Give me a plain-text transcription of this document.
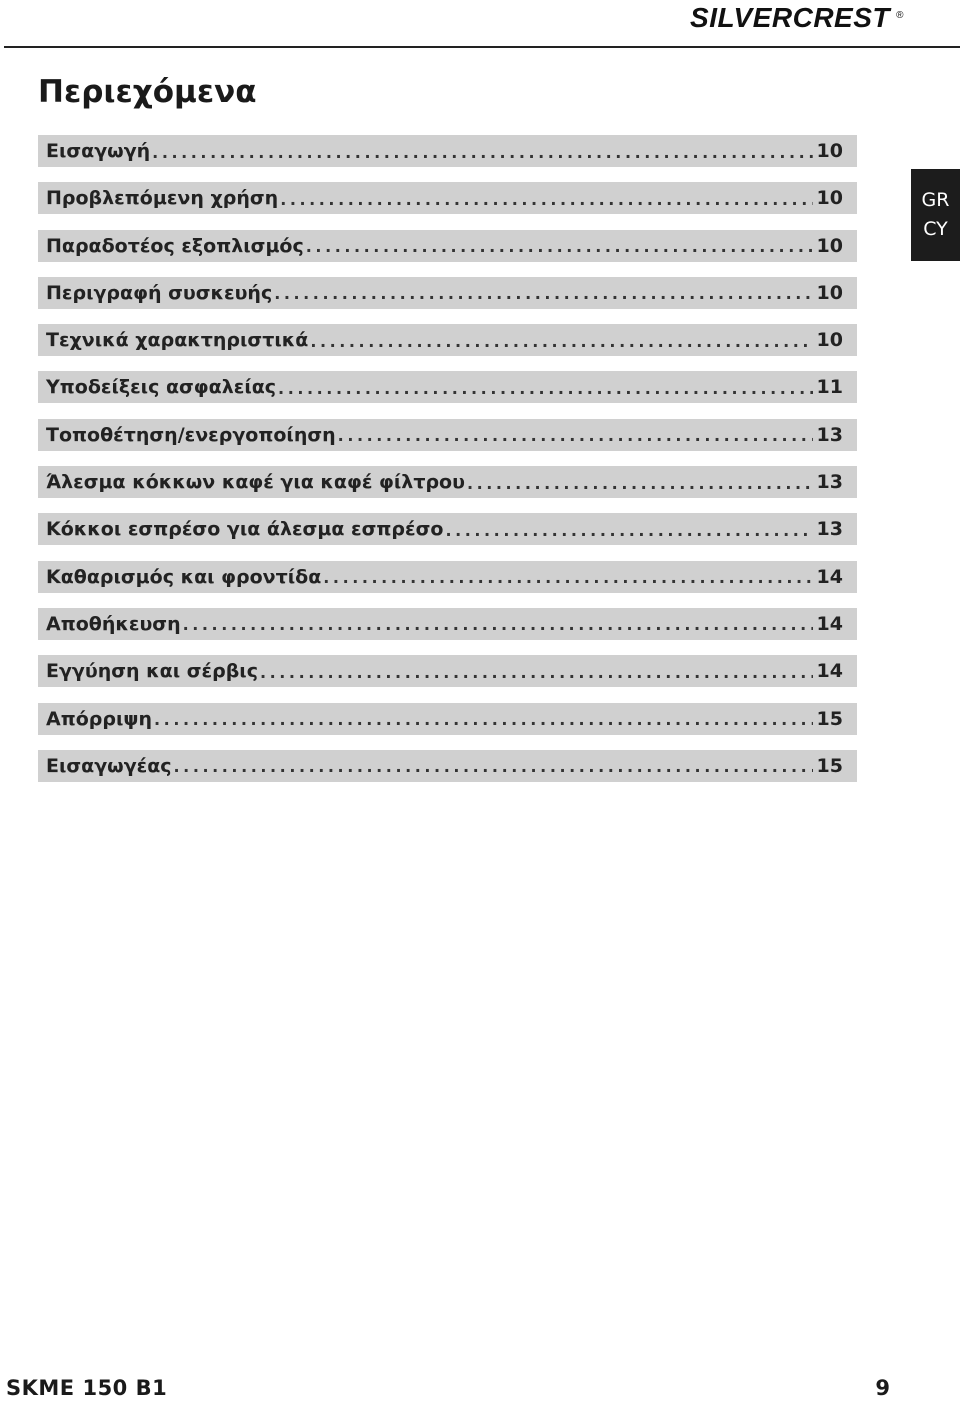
SILVERCREST ®
Περιεχόμενα
Εισαγωγή . . .	10
Προβλεπόμενη χρήση . . .	10
Παραδοτέος εξοπλισμός . . .	10
Περιγραφή συσκευής . . .	10
Τεχνικά χαρακτηριστικά . . .	10
Υποδείξεις ασφαλείας . . .	11
Τοποθέτηση/ενεργοποίηση . . .	13
Άλεσμα κόκκων καφέ για καφέ φίλτρου . . .	13
Κόκκοι εσπρέσο για άλεσμα εσπρέσο . . .	13
Καθαρισμός και φροντίδα . . .	14
Αποθήκευση . . .	14
Εγγύηση και σέρβις . . .	14
Απόρριψη . . .	15
Εισαγωγέας . . .	15
GR
CY
SKME 150 B1	9
